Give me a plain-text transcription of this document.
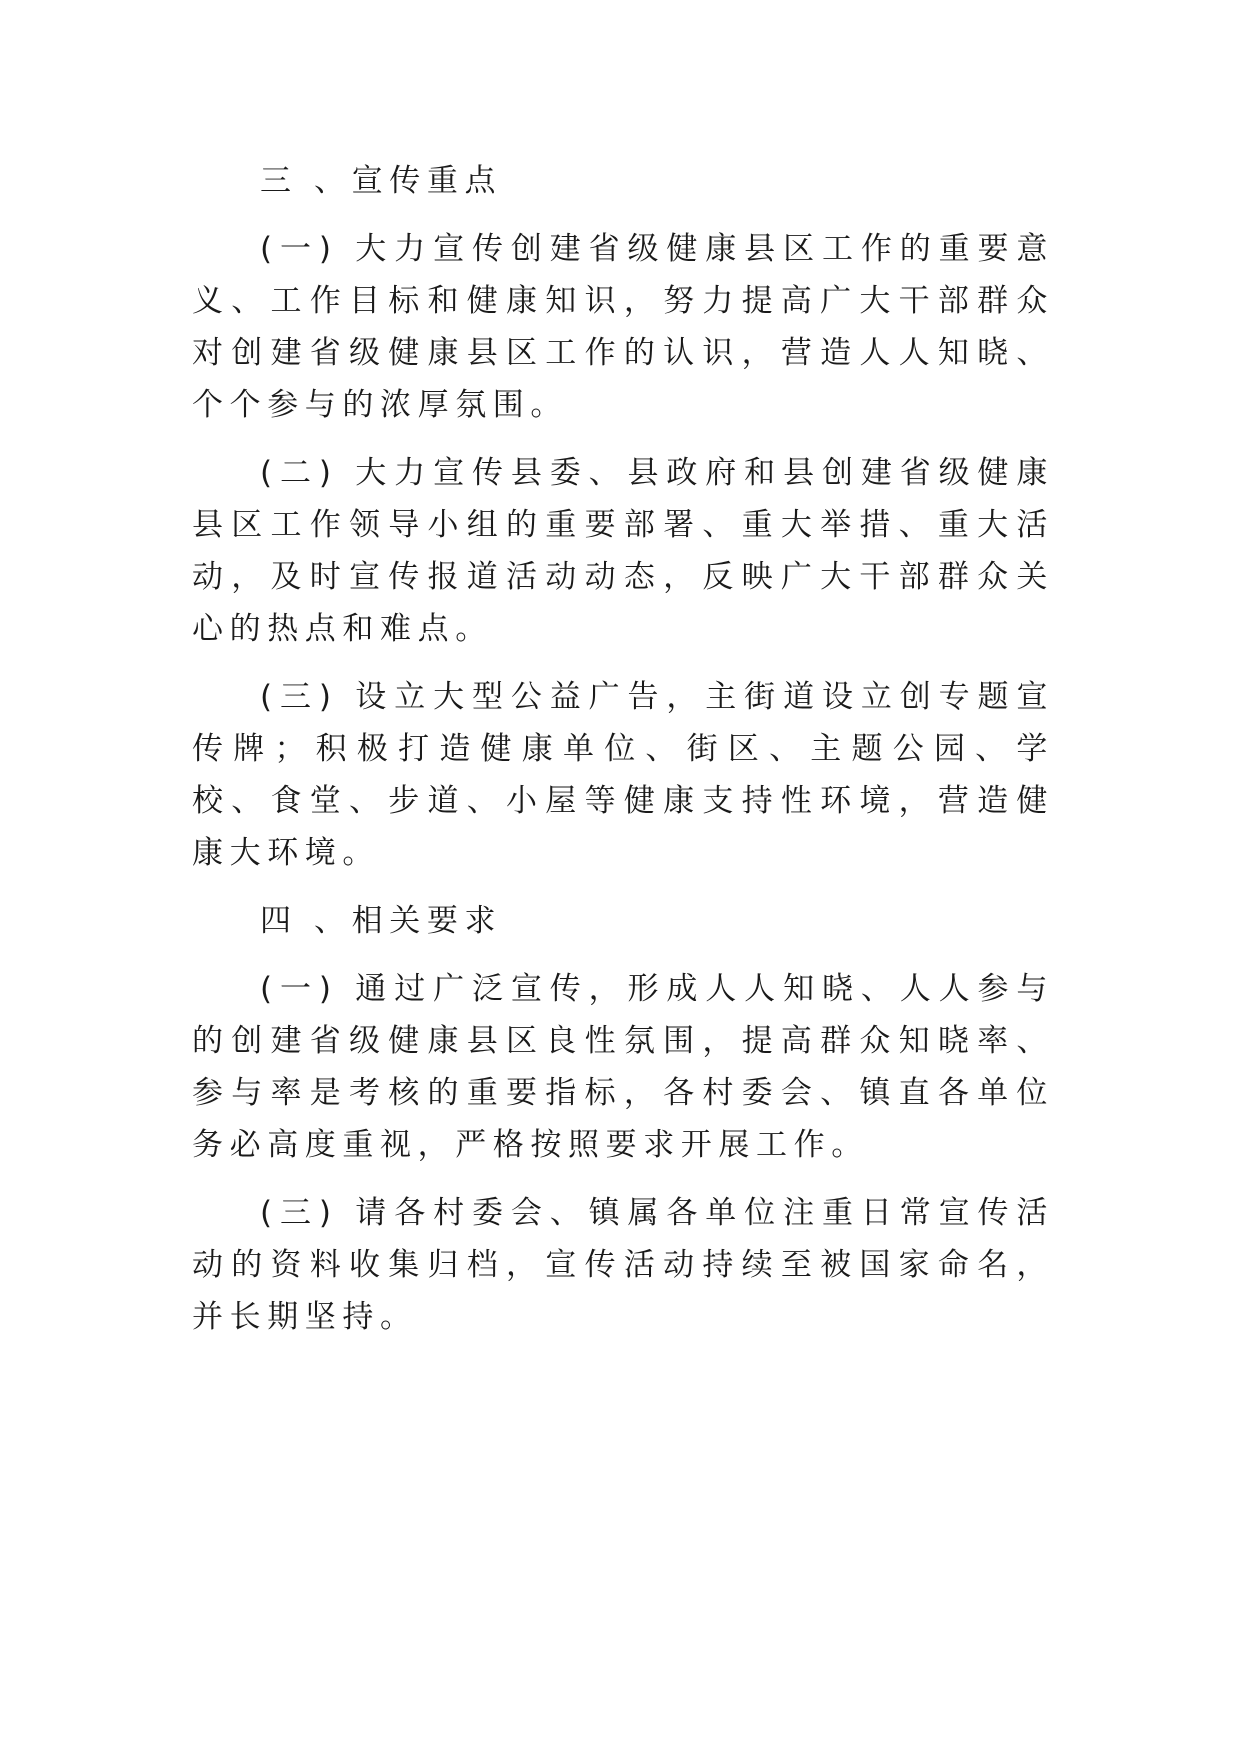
三 、宣传重点

(一) 大力宣传创建省级健康县区工作的重要意义、工作目标和健康知识，努力提高广大干部群众对创建省级健康县区工作的认识，营造人人知晓、个个参与的浓厚氛围。

(二) 大力宣传县委、县政府和县创建省级健康县区工作领导小组的重要部署、重大举措、重大活动，及时宣传报道活动动态，反映广大干部群众关心的热点和难点。

(三) 设立大型公益广告，主街道设立创专题宣传牌；积极打造健康单位、街区、主题公园、学校、食堂、步道、小屋等健康支持性环境，营造健康大环境。

四 、相关要求

(一) 通过广泛宣传，形成人人知晓、人人参与的创建省级健康县区良性氛围，提高群众知晓率、参与率是考核的重要指标，各村委会、镇直各单位务必高度重视，严格按照要求开展工作。

(三) 请各村委会、镇属各单位注重日常宣传活动的资料收集归档，宣传活动持续至被国家命名，并长期坚持。
